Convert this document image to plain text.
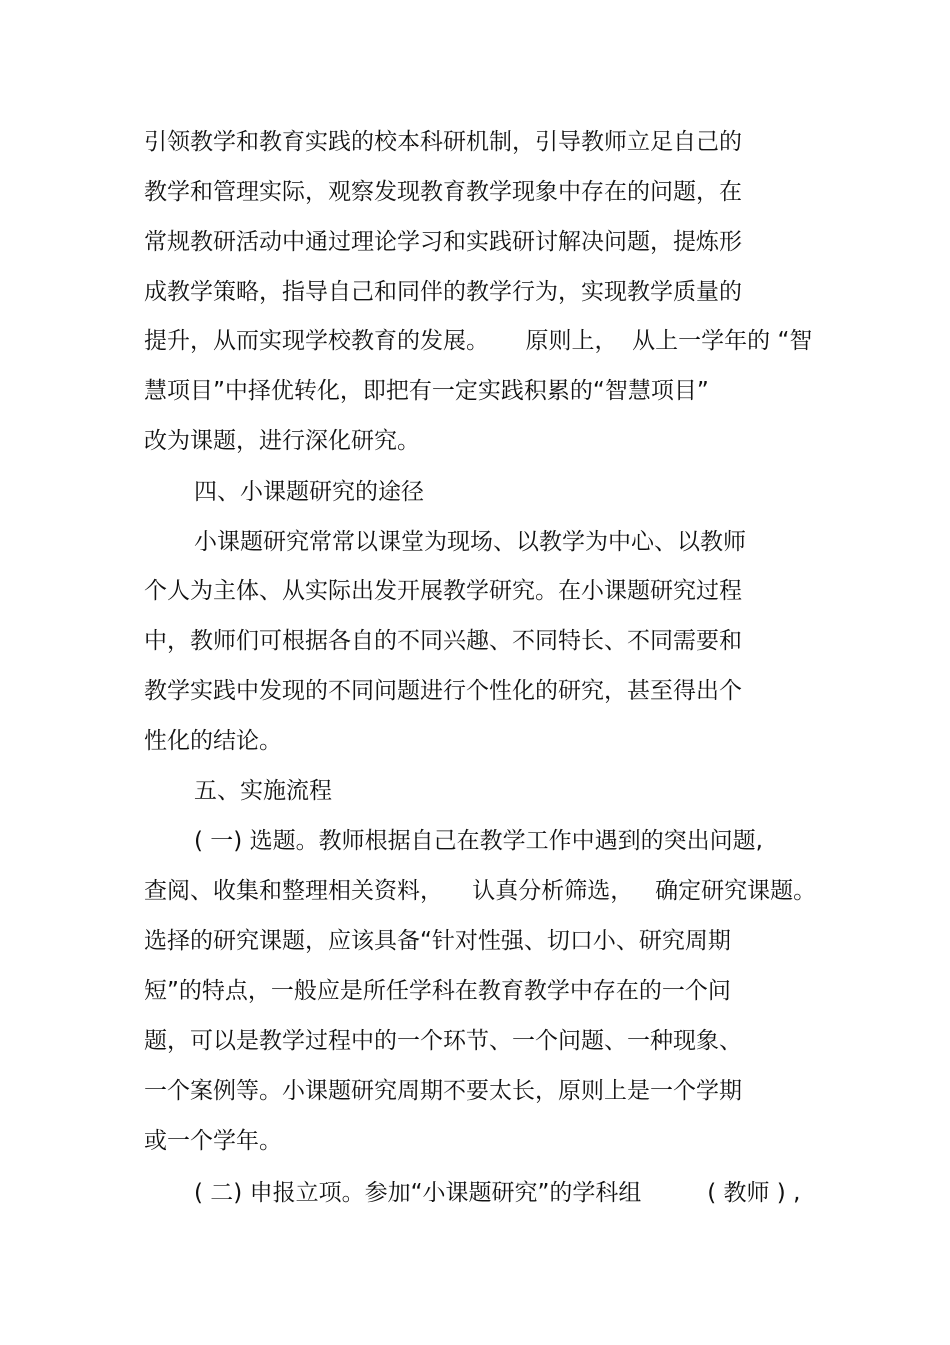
引领教学和教育实践的校本科研机制，引导教师立足自己的
教学和管理实际，观察发现教育教学现象中存在的问题，在
常规教研活动中通过理论学习和实践研讨解决问题，提炼形
成教学策略，指导自己和同伴的教学行为，实现教学质量的
提升，从而实现学校教育的发展。     原则上，  从上一学年的 “智
慧项目”中择优转化，即把有一定实践积累的“智慧项目”
改为课题，进行深化研究。
四、小课题研究的途径
小课题研究常常以课堂为现场、以教学为中心、以教师
个人为主体、从实际出发开展教学研究。在小课题研究过程
中，教师们可根据各自的不同兴趣、不同特长、不同需要和
教学实践中发现的不同问题进行个性化的研究，甚至得出个
性化的结论。
五、实施流程
( 一) 选题。教师根据自己在教学工作中遇到的突出问题,
查阅、收集和整理相关资料，    认真分析筛选，   确定研究课题。
选择的研究课题，应该具备“针对性强、切口小、研究周期
短”的特点，一般应是所任学科在教育教学中存在的一个问
题，可以是教学过程中的一个环节、一个问题、一种现象、
一个案例等。小课题研究周期不要太长，原则上是一个学期
或一个学年。
( 二) 申报立项。参加“小课题研究”的学科组         ( 教师 ) ,
